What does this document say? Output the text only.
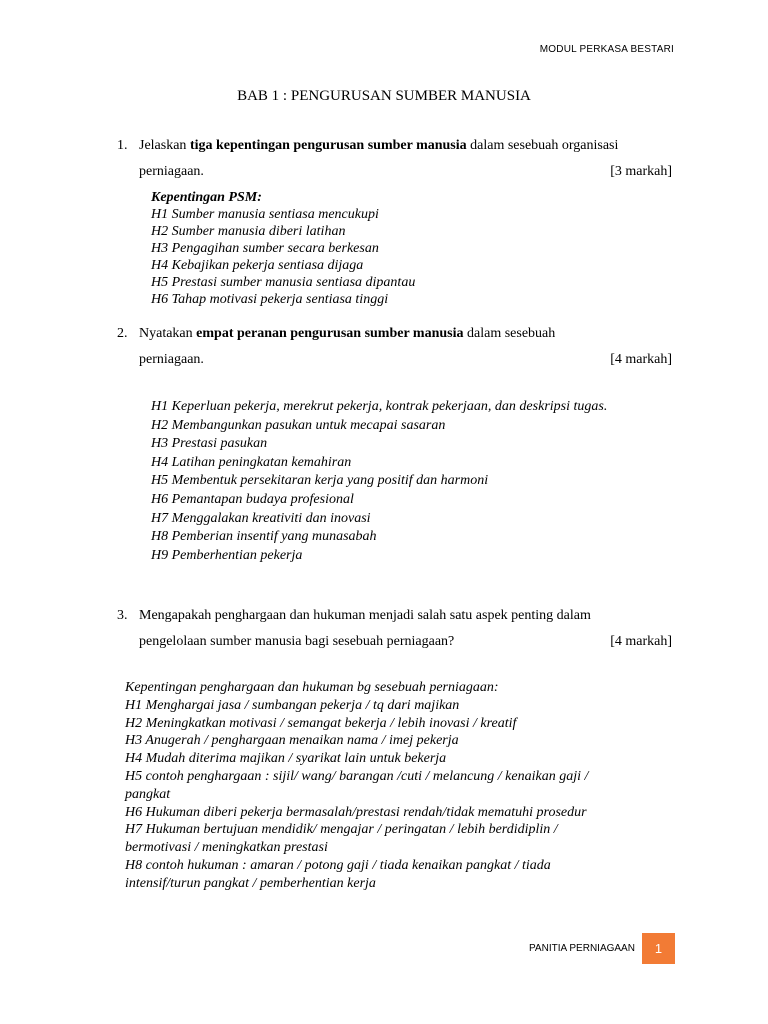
MODUL PERKASA BESTARI
BAB 1 : PENGURUSAN SUMBER MANUSIA
1. Jelaskan tiga kepentingan pengurusan sumber manusia dalam sesebuah organisasi
perniagaan.	[3 markah]
Kepentingan PSM:
H1 Sumber manusia sentiasa mencukupi
H2 Sumber manusia diberi latihan
H3 Pengagihan sumber secara berkesan
H4 Kebajikan pekerja sentiasa dijaga
H5 Prestasi sumber manusia sentiasa dipantau
H6 Tahap motivasi pekerja sentiasa tinggi
2. Nyatakan empat peranan pengurusan sumber manusia dalam sesebuah
perniagaan.	[4 markah]
H1 Keperluan pekerja, merekrut pekerja, kontrak pekerjaan, dan deskripsi tugas.
H2 Membangunkan pasukan untuk mecapai sasaran
H3 Prestasi pasukan
H4 Latihan peningkatan kemahiran
H5 Membentuk persekitaran kerja yang positif dan harmoni
H6 Pemantapan budaya profesional
H7 Menggalakan kreativiti dan inovasi
H8 Pemberian insentif yang munasabah
H9 Pemberhentian pekerja
3. Mengapakah penghargaan dan hukuman menjadi salah satu aspek penting dalam
pengelolaan sumber manusia bagi sesebuah perniagaan?	[4 markah]
Kepentingan penghargaan dan hukuman bg sesebuah perniagaan:
H1 Menghargai jasa / sumbangan pekerja / tq dari majikan
H2 Meningkatkan motivasi / semangat bekerja / lebih inovasi / kreatif
H3 Anugerah / penghargaan menaikan nama / imej pekerja
H4 Mudah diterima majikan / syarikat lain untuk bekerja
H5 contoh penghargaan : sijil/ wang/ barangan /cuti / melancung / kenaikan gaji /
pangkat
H6 Hukuman diberi pekerja bermasalah/prestasi rendah/tidak mematuhi prosedur
H7 Hukuman bertujuan mendidik/ mengajar / peringatan / lebih berdidiplin /
bermotivasi / meningkatkan prestasi
H8 contoh hukuman : amaran / potong gaji / tiada kenaikan pangkat / tiada
intensif/turun pangkat / pemberhentian kerja
PANITIA PERNIAGAAN	1
